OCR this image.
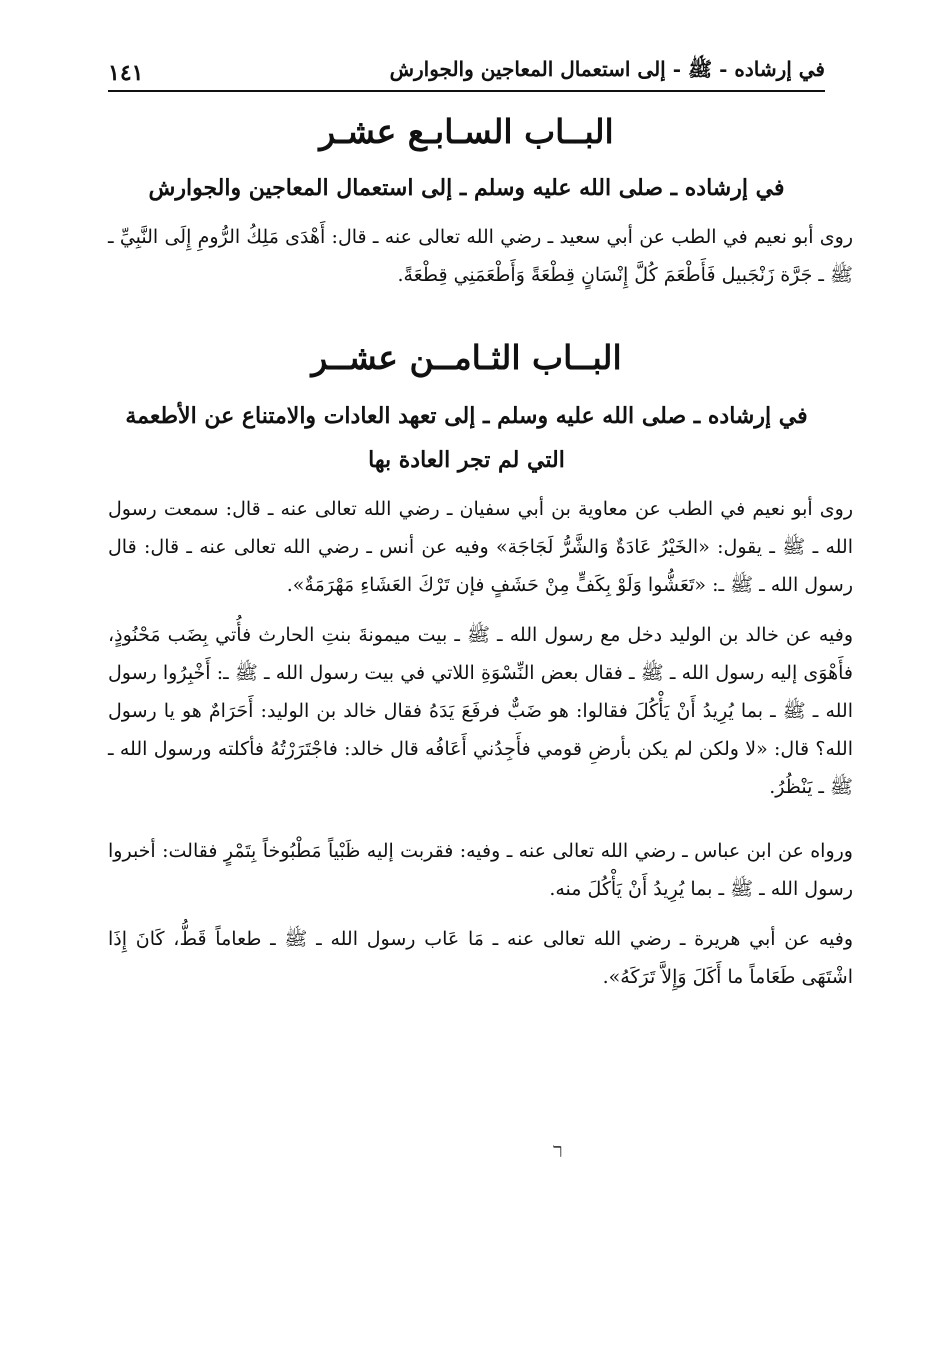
في إرشاده - ﷺ - إلى استعمال المعاجين والجوارش
١٤١
البــاب السـابـع عشـر
في إرشاده ـ صلى الله عليه وسلم ـ إلى استعمال المعاجين والجوارش
روى أبو نعيم في الطب عن أبي سعيد ـ رضي الله تعالى عنه ـ قال: أَهْدَى مَلِكُ الرُّومِ إِلَى النَّبِيِّ ـ ﷺ ـ جَرَّة زَنْجَبيل فَأَطْعَمَ كُلَّ إِنْسَانٍ قِطْعَةً وَأَطْعَمَنِي قِطْعَةً.
البــاب الثـامــن عشــر
في إرشاده ـ صلى الله عليه وسلم ـ إلى تعهد العادات والامتناع عن الأطعمة
التي لم تجر العادة بها
روى أبو نعيم في الطب عن معاوية بن أبي سفيان ـ رضي الله تعالى عنه ـ قال: سمعت رسول الله ـ ﷺ ـ يقول: «الخَيْرُ عَادَةٌ وَالشَّرُّ لَجَاجَة» وفيه عن أنس ـ رضي الله تعالى عنه ـ قال: قال رسول الله ـ ﷺ ـ: «تَعَشُّوا وَلَوْ بِكَفٍّ مِنْ حَشَفٍ فإن تَرْكَ العَشَاءِ مَهْرَمَةٌ».
وفيه عن خالد بن الوليد دخل مع رسول الله ـ ﷺ ـ بيت ميمونةَ بنتِ الحارث فأُتي بِضَب مَحْنُوذٍ، فأَهْوَى إليه رسول الله ـ ﷺ ـ فقال بعض النِّسْوَةِ اللاتي في بيت رسول الله ـ ﷺ ـ: أَخْبِرُوا رسول الله ـ ﷺ ـ بما يُرِيدُ أَنْ يَأْكُلَ فقالوا: هو ضَبٌّ فرفَعَ يَدَهُ فقال خالد بن الوليد: أَحَرَامٌ هو يا رسول الله؟ قال: «لا ولكن لم يكن بأرضِ قومي فأَجِدُني أَعَافُه قال خالد: فاجْتَرَرْتُهُ فأكلته ورسول الله ـ ﷺ ـ يَنْظُرُ.
ورواه عن ابن عباس ـ رضي الله تعالى عنه ـ وفيه: فقربت إليه ظَبْياً مَطْبُوخاً بِتَمْرٍ فقالت: أخبروا رسول الله ـ ﷺ ـ بما يُرِيدُ أَنْ يَأْكُلَ منه.
وفيه عن أبي هريرة ـ رضي الله تعالى عنه ـ مَا عَاب رسول الله ـ ﷺ ـ طعاماً قَطُّ، كَانَ إِذَا اشْتَهَى طَعَاماً ما أَكَلَ وَإِلاَّ تَرَكَهُ».
ר
